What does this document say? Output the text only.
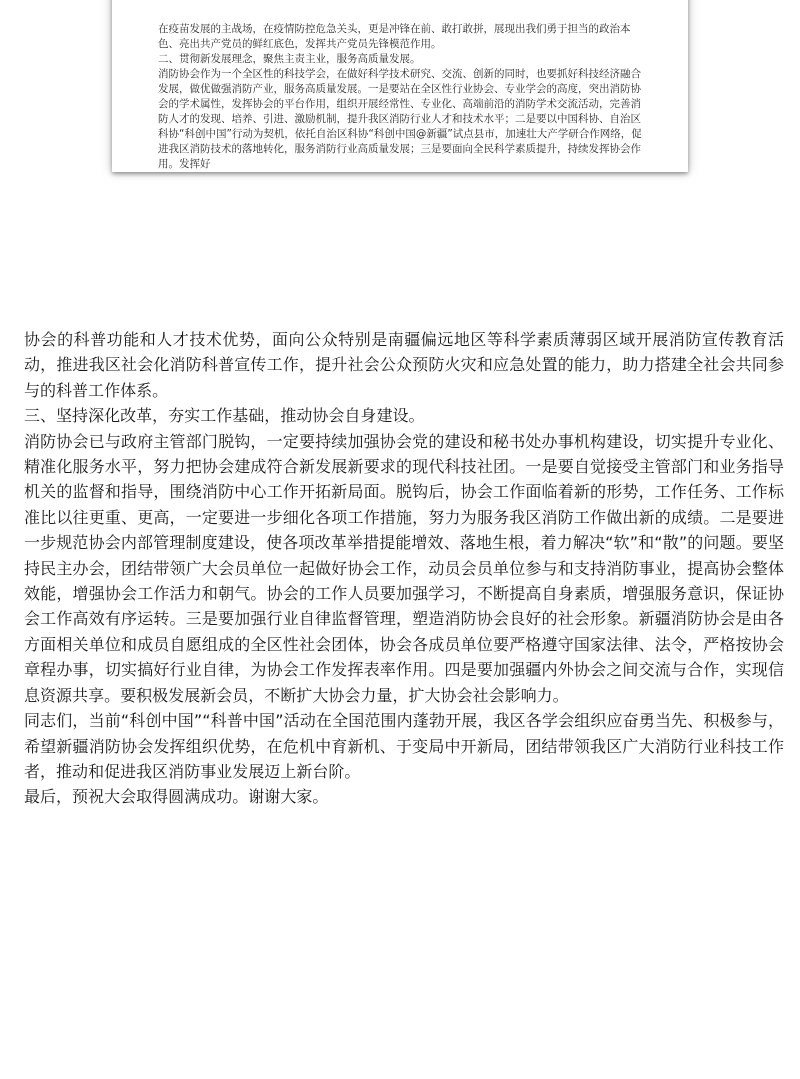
在疫苗发展的主战场，在疫情防控危急关头，更是冲锋在前、敢打敢拼，展现出我们勇于担当的政治本色、亮出共产党员的鲜红底色，发挥共产党员先锋模范作用。

二、贯彻新发展理念，聚焦主责主业，服务高质量发展。

消防协会作为一个全区性的科技学会，在做好科学技术研究、交流、创新的同时，也要抓好科技经济融合发展，做优做强消防产业，服务高质量发展。一是要站在全区性行业协会、专业学会的高度，突出消防协会的学术属性，发挥协会的平台作用，组织开展经常性、专业化、高端前沿的消防学术交流活动，完善消防人才的发现、培养、引进、激励机制，提升我区消防行业人才和技术水平；二是要以中国科协、自治区科协“科创中国”行动为契机，依托自治区科协“科创中国@新疆”试点县市，加速壮大产学研合作网络，促进我区消防技术的落地转化，服务消防行业高质量发展；三是要面向全民科学素质提升，持续发挥协会作用。发挥好

协会的科普功能和人才技术优势，面向公众特别是南疆偏远地区等科学素质薄弱区域开展消防宣传教育活动，推进我区社会化消防科普宣传工作，提升社会公众预防火灾和应急处置的能力，助力搭建全社会共同参与的科普工作体系。

三、坚持深化改革，夯实工作基础，推动协会自身建设。

消防协会已与政府主管部门脱钩，一定要持续加强协会党的建设和秘书处办事机构建设，切实提升专业化、精准化服务水平，努力把协会建成符合新发展新要求的现代科技社团。一是要自觉接受主管部门和业务指导机关的监督和指导，围绕消防中心工作开拓新局面。脱钩后，协会工作面临着新的形势，工作任务、工作标准比以往更重、更高，一定要进一步细化各项工作措施，努力为服务我区消防工作做出新的成绩。二是要进一步规范协会内部管理制度建设，使各项改革举措提能增效、落地生根，着力解决“软”和“散”的问题。要坚持民主办会，团结带领广大会员单位一起做好协会工作，动员会员单位参与和支持消防事业，提高协会整体效能，增强协会工作活力和朝气。协会的工作人员要加强学习，不断提高自身素质，增强服务意识，保证协会工作高效有序运转。三是要加强行业自律监督管理，塑造消防协会良好的社会形象。新疆消防协会是由各方面相关单位和成员自愿组成的全区性社会团体，协会各成员单位要严格遵守国家法律、法令，严格按协会章程办事，切实搞好行业自律，为协会工作发挥表率作用。四是要加强疆内外协会之间交流与合作，实现信息资源共享。要积极发展新会员，不断扩大协会力量，扩大协会社会影响力。

同志们，当前“科创中国”“科普中国”活动在全国范围内蓬勃开展，我区各学会组织应奋勇当先、积极参与，希望新疆消防协会发挥组织优势，在危机中育新机、于变局中开新局，团结带领我区广大消防行业科技工作者，推动和促进我区消防事业发展迈上新台阶。

最后，预祝大会取得圆满成功。谢谢大家。
